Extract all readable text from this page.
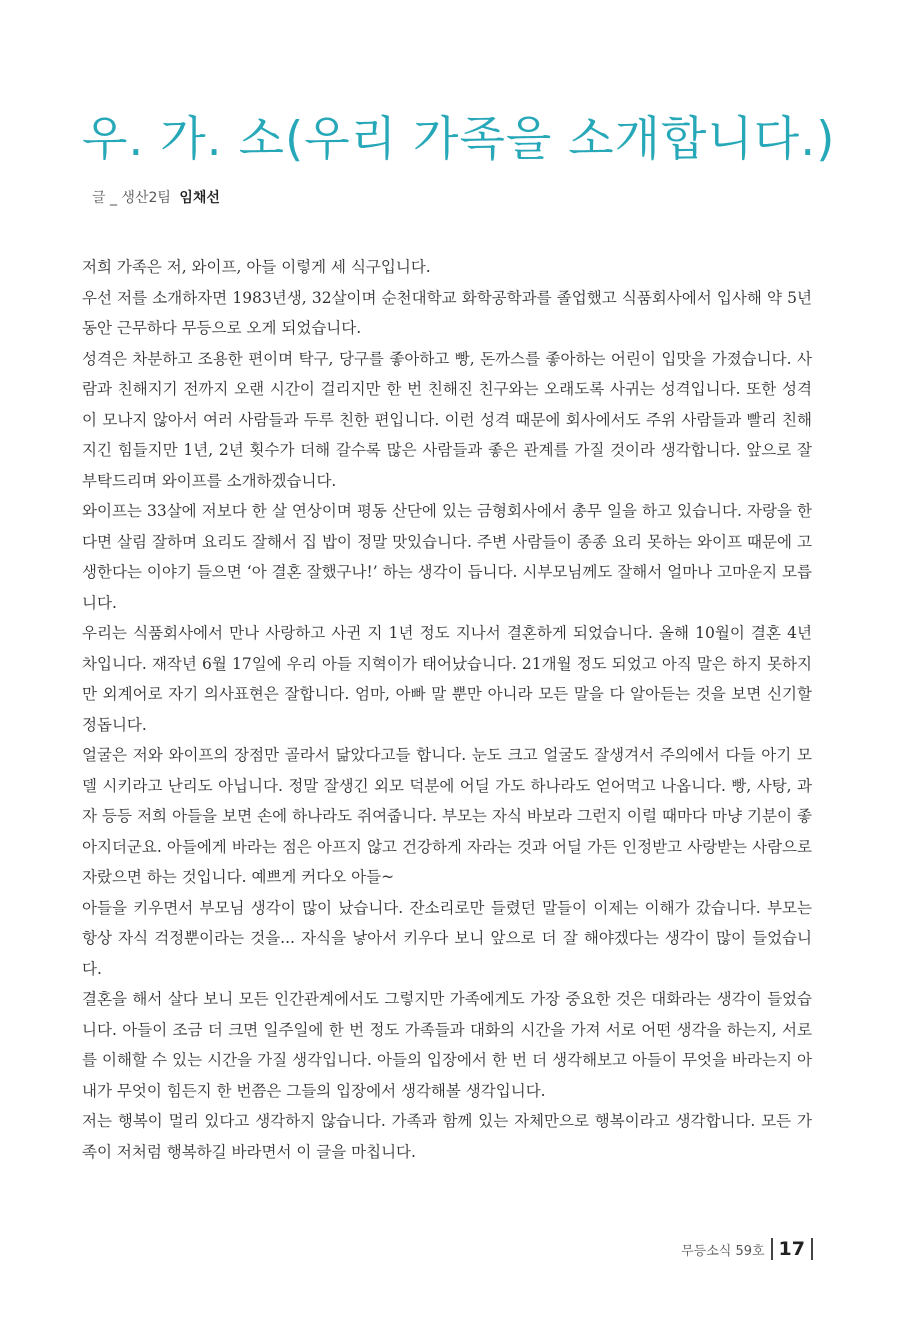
우. 가. 소(우리 가족을 소개합니다.)
글 _ 생산2팀 임채선

저희 가족은 저, 와이프, 아들 이렇게 세 식구입니다.

우선 저를 소개하자면 1983년생, 32살이며 순천대학교 화학공학과를 졸업했고 식품회사에서 입사해 약 5년 동안 근무하다 무등으로 오게 되었습니다.

성격은 차분하고 조용한 편이며 탁구, 당구를 좋아하고 빵, 돈까스를 좋아하는 어린이 입맛을 가졌습니다. 사람과 친해지기 전까지 오랜 시간이 걸리지만 한 번 친해진 친구와는 오래도록 사귀는 성격입니다. 또한 성격이 모나지 않아서 여러 사람들과 두루 친한 편입니다. 이런 성격 때문에 회사에서도 주위 사람들과 빨리 친해지긴 힘들지만 1년, 2년 횟수가 더해 갈수록 많은 사람들과 좋은 관계를 가질 것이라 생각합니다. 앞으로 잘 부탁드리며 와이프를 소개하겠습니다.

와이프는 33살에 저보다 한 살 연상이며 평동 산단에 있는 금형회사에서 총무 일을 하고 있습니다. 자랑을 한다면 살림 잘하며 요리도 잘해서 집 밥이 정말 맛있습니다. 주변 사람들이 종종 요리 못하는 와이프 때문에 고생한다는 이야기 들으면 ‘아 결혼 잘했구나!’ 하는 생각이 듭니다. 시부모님께도 잘해서 얼마나 고마운지 모릅니다.

우리는 식품회사에서 만나 사랑하고 사귄 지 1년 정도 지나서 결혼하게 되었습니다. 올해 10월이 결혼 4년 차입니다. 재작년 6월 17일에 우리 아들 지혁이가 태어났습니다. 21개월 정도 되었고 아직 말은 하지 못하지만 외계어로 자기 의사표현은 잘합니다. 엄마, 아빠 말 뿐만 아니라 모든 말을 다 알아듣는 것을 보면 신기할 정돕니다.

얼굴은 저와 와이프의 장점만 골라서 닮았다고들 합니다. 눈도 크고 얼굴도 잘생겨서 주의에서 다들 아기 모델 시키라고 난리도 아닙니다. 정말 잘생긴 외모 덕분에 어딜 가도 하나라도 얻어먹고 나옵니다. 빵, 사탕, 과자 등등 저희 아들을 보면 손에 하나라도 쥐여줍니다. 부모는 자식 바보라 그런지 이럴 때마다 마냥 기분이 좋아지더군요. 아들에게 바라는 점은 아프지 않고 건강하게 자라는 것과 어딜 가든 인정받고 사랑받는 사람으로 자랐으면 하는 것입니다. 예쁘게 커다오 아들~

아들을 키우면서 부모님 생각이 많이 났습니다. 잔소리로만 들렸던 말들이 이제는 이해가 갔습니다. 부모는 항상 자식 걱정뿐이라는 것을... 자식을 낳아서 키우다 보니 앞으로 더 잘 해야겠다는 생각이 많이 들었습니다.

결혼을 해서 살다 보니 모든 인간관계에서도 그렇지만 가족에게도 가장 중요한 것은 대화라는 생각이 들었습니다. 아들이 조금 더 크면 일주일에 한 번 정도 가족들과 대화의 시간을 가져 서로 어떤 생각을 하는지, 서로를 이해할 수 있는 시간을 가질 생각입니다. 아들의 입장에서 한 번 더 생각해보고 아들이 무엇을 바라는지 아내가 무엇이 힘든지 한 번쯤은 그들의 입장에서 생각해볼 생각입니다.

저는 행복이 멀리 있다고 생각하지 않습니다. 가족과 함께 있는 자체만으로 행복이라고 생각합니다. 모든 가족이 저처럼 행복하길 바라면서 이 글을 마칩니다.

무등소식 59호 17
